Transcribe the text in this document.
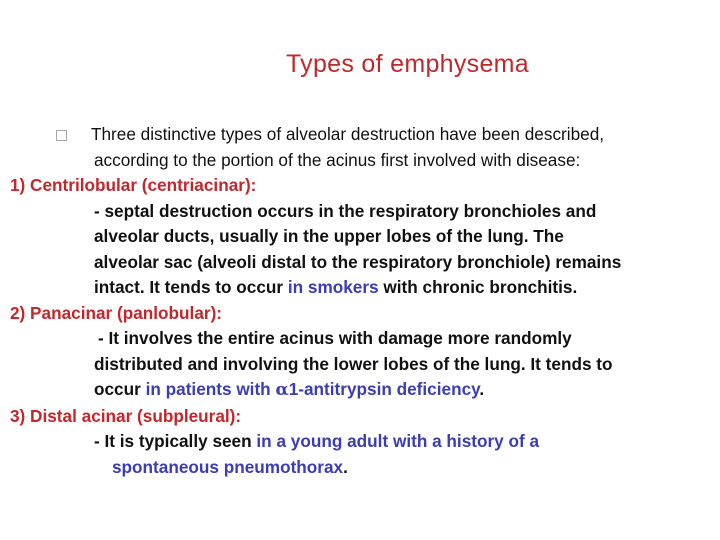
Types of emphysema
Three distinctive types of alveolar destruction have been described,
according to the portion of the acinus ﬁrst involved with disease:
1) Centrilobular (centriacinar):
- septal destruction occurs in the respiratory bronchioles and
alveolar ducts, usually in the upper lobes of the lung. The
alveolar sac (alveoli distal to the respiratory bronchiole) remains
intact. It tends to occur in smokers with chronic bronchitis.
2) Panacinar (panlobular):
- It involves the entire acinus with damage more randomly
distributed and involving the lower lobes of the lung. It tends to
occur in patients with α1-antitrypsin deficiency.
3) Distal acinar (subpleural):
- It is typically seen in a young adult with a history of a
spontaneous pneumothorax.
